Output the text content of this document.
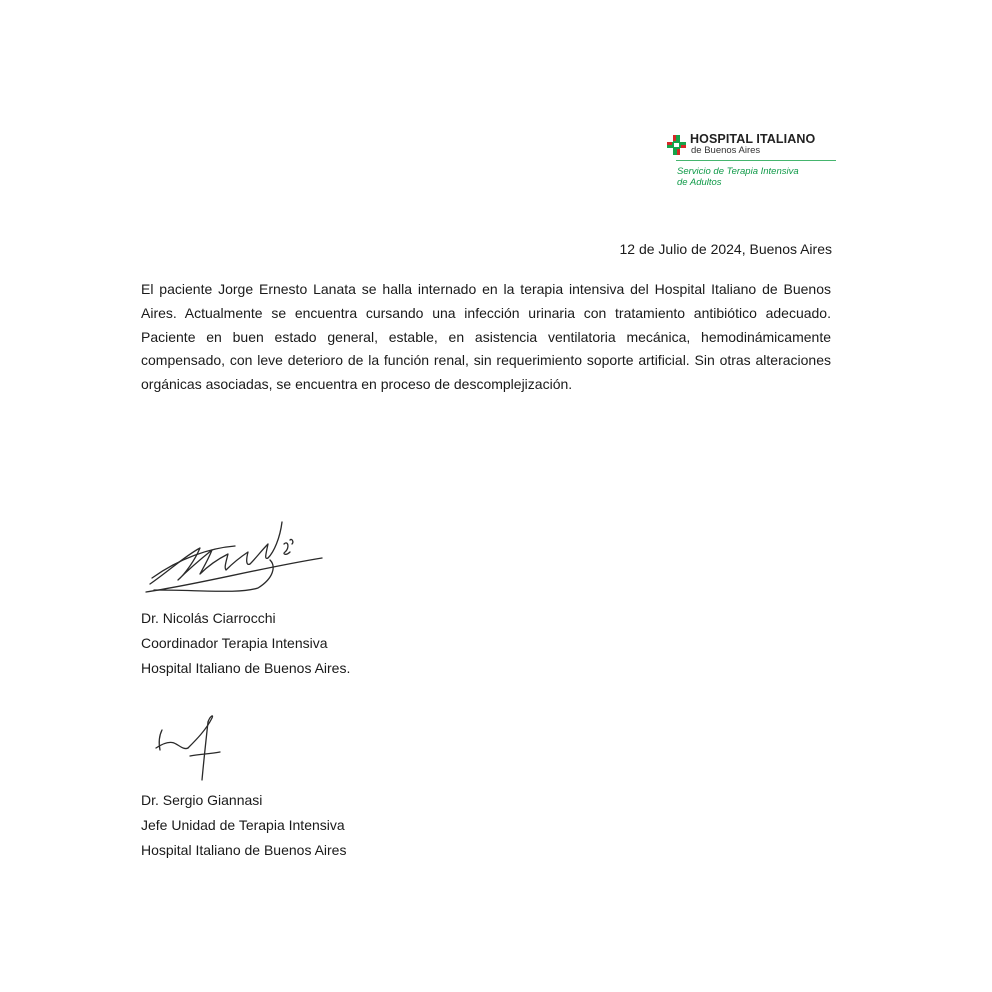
HOSPITAL ITALIANO
de Buenos Aires
Servicio de Terapia Intensiva
de Adultos
12 de Julio de 2024, Buenos Aires
El paciente Jorge Ernesto Lanata se halla internado en la terapia intensiva del Hospital Italiano de Buenos Aires. Actualmente se encuentra cursando una infección urinaria con tratamiento antibiótico adecuado. Paciente en buen estado general, estable, en asistencia ventilatoria mecánica, hemodinámicamente compensado, con leve deterioro de la función renal, sin requerimiento soporte artificial. Sin otras alteraciones orgánicas asociadas, se encuentra en proceso de descomplejización.
Dr. Nicolás Ciarrocchi
Coordinador Terapia Intensiva
Hospital Italiano de Buenos Aires.
Dr. Sergio Giannasi
Jefe Unidad de Terapia Intensiva
Hospital Italiano de Buenos Aires
